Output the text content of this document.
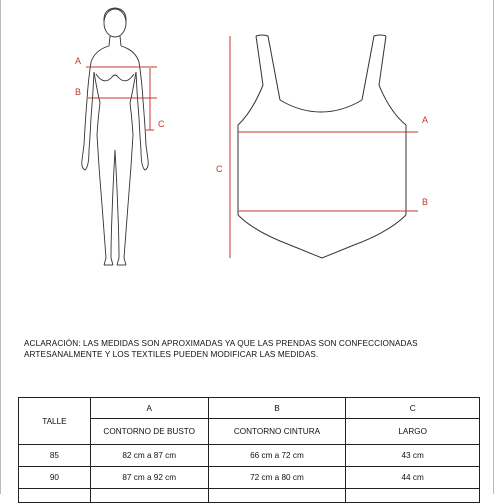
A
B
C	A
B
C
ACLARACIÓN: LAS MEDIDAS SON APROXIMADAS YA QUE LAS PRENDAS SON CONFECCIONADAS
ARTESANALMENTE Y LOS TEXTILES PUEDEN MODIFICAR LAS MEDIDAS.
TALLE	A	B	C
	CONTORNO DE BUSTO	CONTORNO CINTURA	LARGO
85	82 cm a 87 cm	66 cm a 72 cm	43 cm
90	87 cm a 92 cm	72 cm a 80 cm	44 cm
